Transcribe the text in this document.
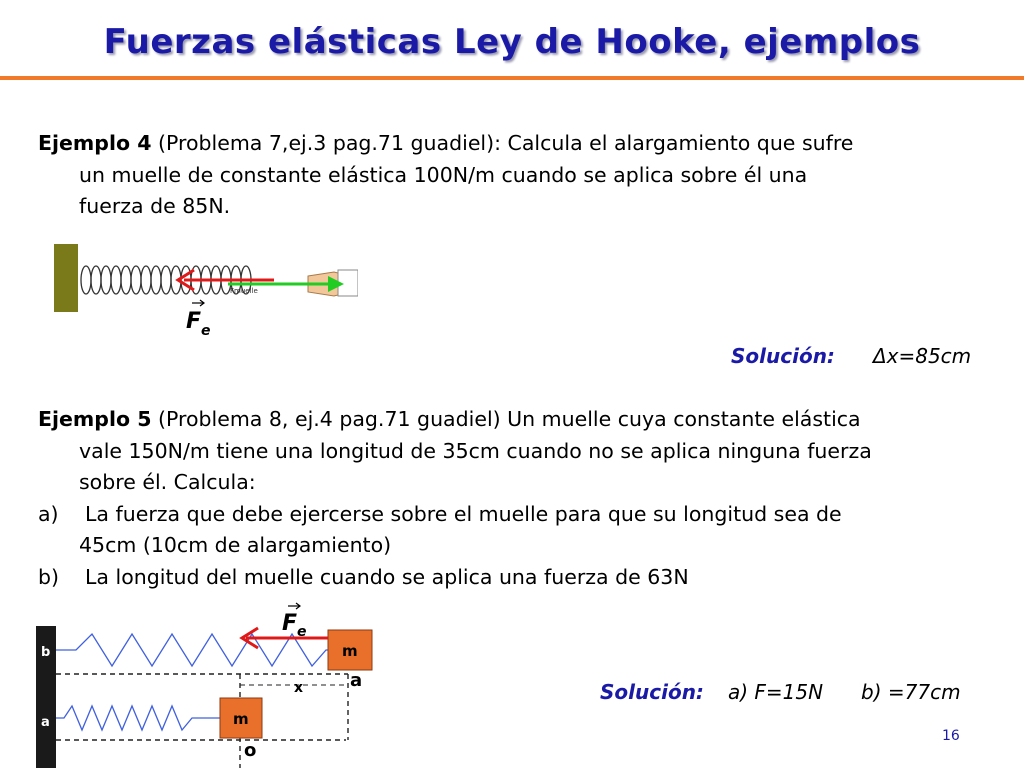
Fuerzas elásticas Ley de Hooke, ejemplos
Ejemplo 4 (Problema 7,ej.3 pag.71 guadiel): Calcula el alargamiento que sufre
un muelle de constante elástica 100N/m cuando se aplica sobre él una
fuerza de 85N.
Fmuelle
F e
Solución: Δx=85cm
Ejemplo 5 (Problema 8, ej.4 pag.71 guadiel) Un muelle cuya constante elástica
vale 150N/m tiene una longitud de 35cm cuando no se aplica ninguna fuerza
sobre él. Calcula:
a) La fuerza que debe ejercerse sobre el muelle para que su longitud sea de
45cm (10cm de alargamiento)
b) La longitud del muelle cuando se aplica una fuerza de 63N
b
a
m
F e
x	a
m
o
Solución: a) F=15N b) =77cm
16
